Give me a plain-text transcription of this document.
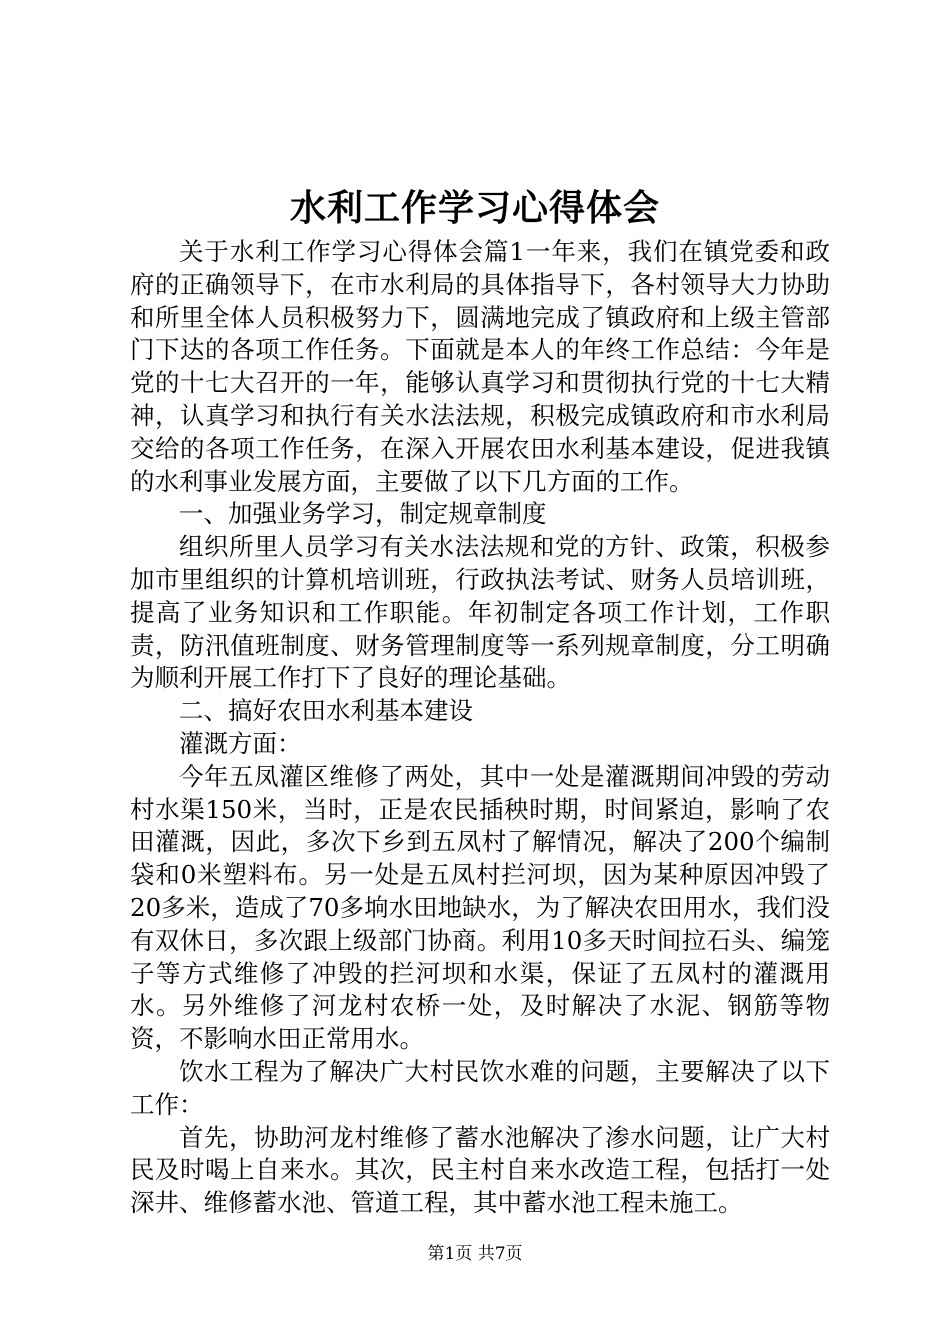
水利工作学习心得体会

关于水利工作学习心得体会篇1一年来，我们在镇党委和政府的正确领导下，在市水利局的具体指导下，各村领导大力协助和所里全体人员积极努力下，圆满地完成了镇政府和上级主管部门下达的各项工作任务。下面就是本人的年终工作总结：今年是党的十七大召开的一年，能够认真学习和贯彻执行党的十七大精神，认真学习和执行有关水法法规，积极完成镇政府和市水利局交给的各项工作任务，在深入开展农田水利基本建设，促进我镇的水利事业发展方面，主要做了以下几方面的工作。

一、加强业务学习，制定规章制度

组织所里人员学习有关水法法规和党的方针、政策，积极参加市里组织的计算机培训班，行政执法考试、财务人员培训班，提高了业务知识和工作职能。年初制定各项工作计划，工作职责，防汛值班制度、财务管理制度等一系列规章制度，分工明确为顺利开展工作打下了良好的理论基础。

二、搞好农田水利基本建设

灌溉方面：

今年五凤灌区维修了两处，其中一处是灌溉期间冲毁的劳动村水渠150米，当时，正是农民插秧时期，时间紧迫，影响了农田灌溉，因此，多次下乡到五凤村了解情况，解决了200个编制袋和0米塑料布。另一处是五凤村拦河坝，因为某种原因冲毁了20多米，造成了70多垧水田地缺水，为了解决农田用水，我们没有双休日，多次跟上级部门协商。利用10多天时间拉石头、编笼子等方式维修了冲毁的拦河坝和水渠，保证了五凤村的灌溉用水。另外维修了河龙村农桥一处，及时解决了水泥、钢筋等物资，不影响水田正常用水。

饮水工程为了解决广大村民饮水难的问题，主要解决了以下工作：

首先，协助河龙村维修了蓄水池解决了渗水问题，让广大村民及时喝上自来水。其次，民主村自来水改造工程，包括打一处深井、维修蓄水池、管道工程，其中蓄水池工程未施工。

第1页 共7页
